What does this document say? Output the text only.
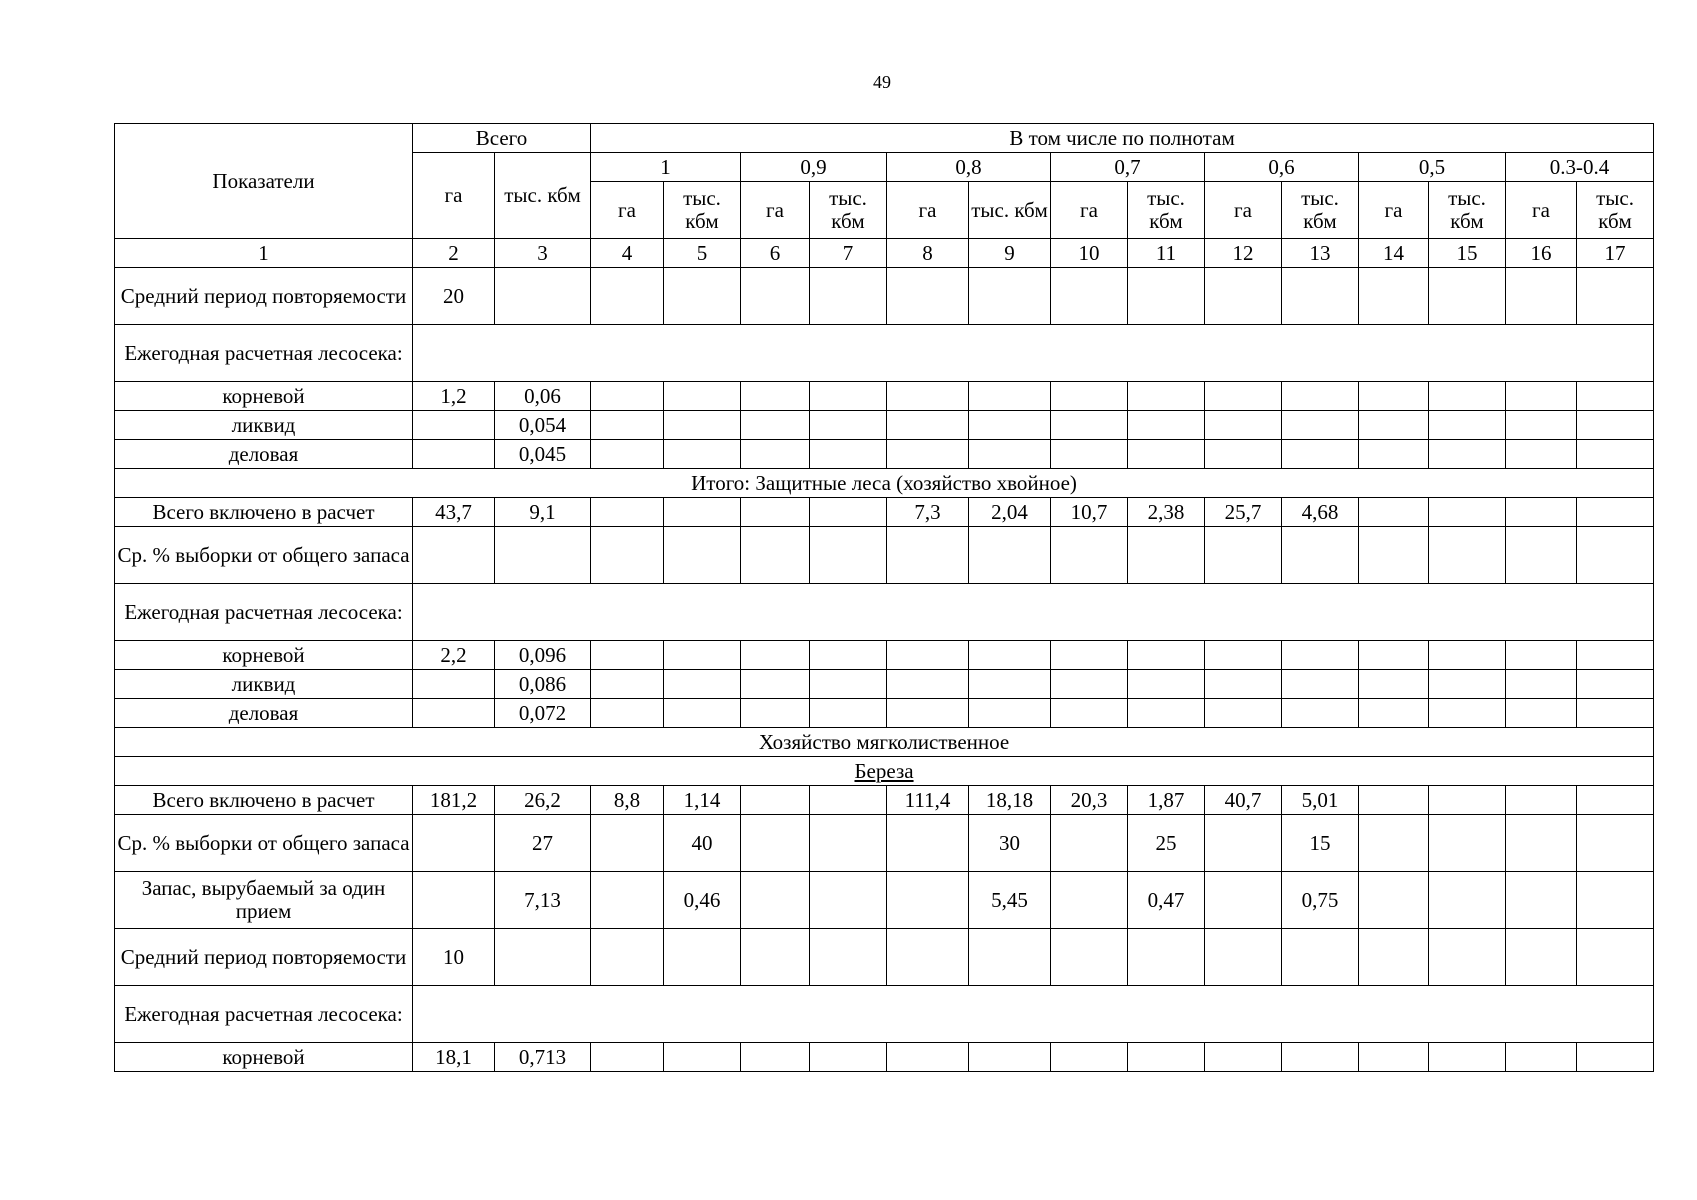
49
Показатели	Всего		В том числе по полнотам														
	га	тыс. кбм	1		0,9		0,8		0,7		0,6		0,5		0.3-0.4		
			га	тыс. кбм	га	тыс. кбм	га	тыс. кбм	га	тыс. кбм	га	тыс. кбм	га	тыс. кбм	га	тыс. кбм	
1	2	3	4	5	6	7	8	9	10	11	12	13	14	15	16	17	
Средний период повторяемости	20																
Ежегодная расчетная лесосека:																	
корневой	1,2	0,06															
ликвид		0,054															
деловая		0,045															
Итого: Защитные леса (хозяйство хвойное)																	
Всего включено в расчет	43,7	9,1					7,3	2,04	10,7	2,38	25,7	4,68					
Ср. % выборки от общего запаса																	
Ежегодная расчетная лесосека:																	
корневой	2,2	0,096															
ликвид		0,086															
деловая		0,072															
Хозяйство мягколиственное																	
Береза																	
Всего включено в расчет	181,2	26,2	8,8	1,14			111,4	18,18	20,3	1,87	40,7	5,01					
Ср. % выборки от общего запаса		27		40				30		25		15					
Запас, вырубаемый за один прием		7,13		0,46				5,45		0,47		0,75					
Средний период повторяемости	10																
Ежегодная расчетная лесосека:																	
корневой	18,1	0,713															
